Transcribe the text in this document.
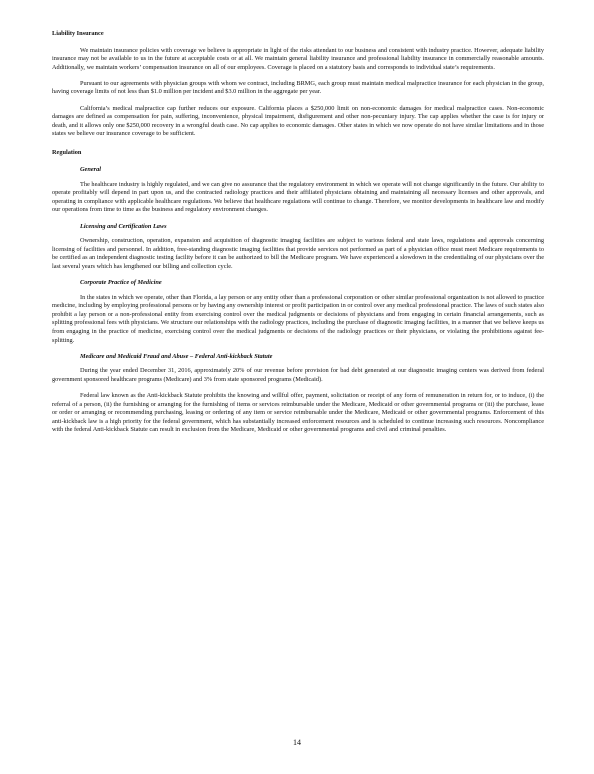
Liability Insurance

We maintain insurance policies with coverage we believe is appropriate in light of the risks attendant to our business and consistent with industry practice. However, adequate liability insurance may not be available to us in the future at acceptable costs or at all. We maintain general liability insurance and professional liability insurance in commercially reasonable amounts. Additionally, we maintain workers’ compensation insurance on all of our employees. Coverage is placed on a statutory basis and corresponds to individual state’s requirements.

Pursuant to our agreements with physician groups with whom we contract, including BRMG, each group must maintain medical malpractice insurance for each physician in the group, having coverage limits of not less than $1.0 million per incident and $3.0 million in the aggregate per year.

California’s medical malpractice cap further reduces our exposure. California places a $250,000 limit on non-economic damages for medical malpractice cases. Non-economic damages are defined as compensation for pain, suffering, inconvenience, physical impairment, disfigurement and other non-pecuniary injury. The cap applies whether the case is for injury or death, and it allows only one $250,000 recovery in a wrongful death case. No cap applies to economic damages. Other states in which we now operate do not have similar limitations and in those states we believe our insurance coverage to be sufficient.

Regulation
General

The healthcare industry is highly regulated, and we can give no assurance that the regulatory environment in which we operate will not change significantly in the future. Our ability to operate profitably will depend in part upon us, and the contracted radiology practices and their affiliated physicians obtaining and maintaining all necessary licenses and other approvals, and operating in compliance with applicable healthcare regulations. We believe that healthcare regulations will continue to change. Therefore, we monitor developments in healthcare law and modify our operations from time to time as the business and regulatory environment changes.

Licensing and Certification Laws

Ownership, construction, operation, expansion and acquisition of diagnostic imaging facilities are subject to various federal and state laws, regulations and approvals concerning licensing of facilities and personnel. In addition, free-standing diagnostic imaging facilities that provide services not performed as part of a physician office must meet Medicare requirements to be certified as an independent diagnostic testing facility before it can be authorized to bill the Medicare program. We have experienced a slowdown in the credentialing of our physicians over the last several years which has lengthened our billing and collection cycle.

Corporate Practice of Medicine

In the states in which we operate, other than Florida, a lay person or any entity other than a professional corporation or other similar professional organization is not allowed to practice medicine, including by employing professional persons or by having any ownership interest or profit participation in or control over any medical professional practice. The laws of such states also prohibit a lay person or a non-professional entity from exercising control over the medical judgments or decisions of physicians and from engaging in certain financial arrangements, such as splitting professional fees with physicians. We structure our relationships with the radiology practices, including the purchase of diagnostic imaging facilities, in a manner that we believe keeps us from engaging in the practice of medicine, exercising control over the medical judgments or decisions of the radiology practices or their physicians, or violating the prohibitions against fee-splitting.

Medicare and Medicaid Fraud and Abuse – Federal Anti-kickback Statute

During the year ended December 31, 2016, approximately 20% of our revenue before provision for bad debt generated at our diagnostic imaging centers was derived from federal government sponsored healthcare programs (Medicare) and 3% from state sponsored programs (Medicaid).

Federal law known as the Anti-kickback Statute prohibits the knowing and willful offer, payment, solicitation or receipt of any form of remuneration in return for, or to induce, (i) the referral of a person, (ii) the furnishing or arranging for the furnishing of items or services reimbursable under the Medicare, Medicaid or other governmental programs or (iii) the purchase, lease or order or arranging or recommending purchasing, leasing or ordering of any item or service reimbursable under the Medicare, Medicaid or other governmental programs. Enforcement of this anti-kickback law is a high priority for the federal government, which has substantially increased enforcement resources and is scheduled to continue increasing such resources. Noncompliance with the federal Anti-kickback Statute can result in exclusion from the Medicare, Medicaid or other governmental programs and civil and criminal penalties.

14
